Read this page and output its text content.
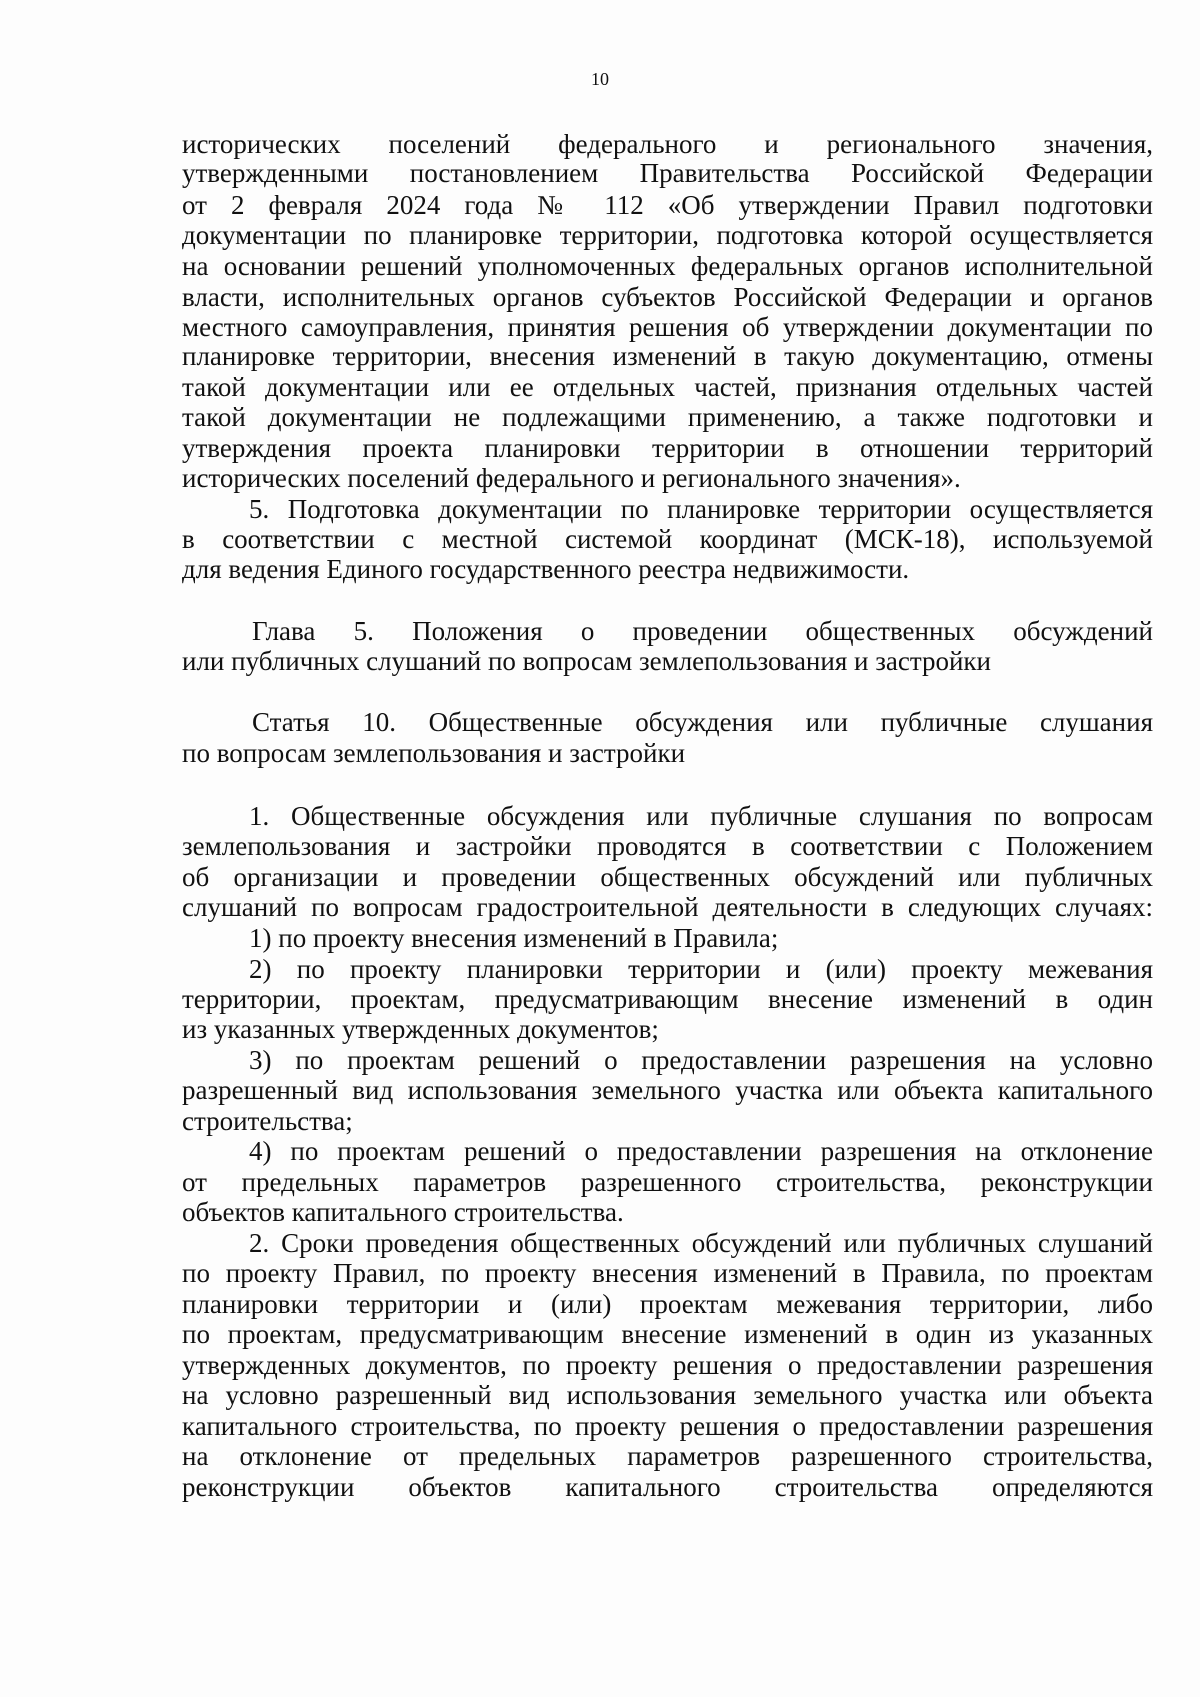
10
исторических поселений федерального и регионального значения,
утвержденными постановлением Правительства Российской Федерации
от 2 февраля 2024 года № 112 «Об утверждении Правил подготовки
документации по планировке территории, подготовка которой осуществляется
на основании решений уполномоченных федеральных органов исполнительной
власти, исполнительных органов субъектов Российской Федерации и органов
местного самоуправления, принятия решения об утверждении документации по
планировке территории, внесения изменений в такую документацию, отмены
такой документации или ее отдельных частей, признания отдельных частей
такой документации не подлежащими применению, а также подготовки и
утверждения проекта планировки территории в отношении территорий
исторических поселений федерального и регионального значения».
5. Подготовка документации по планировке территории осуществляется
в соответствии с местной системой координат (МСК-18), используемой
для ведения Единого государственного реестра недвижимости.
Глава 5. Положения о проведении общественных обсуждений
или публичных слушаний по вопросам землепользования и застройки
Статья 10. Общественные обсуждения или публичные слушания
по вопросам землепользования и застройки
1. Общественные обсуждения или публичные слушания по вопросам
землепользования и застройки проводятся в соответствии с Положением
об организации и проведении общественных обсуждений или публичных
слушаний по вопросам градостроительной деятельности в следующих случаях:
1) по проекту внесения изменений в Правила;
2) по проекту планировки территории и (или) проекту межевания
территории, проектам, предусматривающим внесение изменений в один
из указанных утвержденных документов;
3) по проектам решений о предоставлении разрешения на условно
разрешенный вид использования земельного участка или объекта капитального
строительства;
4) по проектам решений о предоставлении разрешения на отклонение
от предельных параметров разрешенного строительства, реконструкции
объектов капитального строительства.
2. Сроки проведения общественных обсуждений или публичных слушаний
по проекту Правил, по проекту внесения изменений в Правила, по проектам
планировки территории и (или) проектам межевания территории, либо
по проектам, предусматривающим внесение изменений в один из указанных
утвержденных документов, по проекту решения о предоставлении разрешения
на условно разрешенный вид использования земельного участка или объекта
капитального строительства, по проекту решения о предоставлении разрешения
на отклонение от предельных параметров разрешенного строительства,
реконструкции объектов капитального строительства определяются
